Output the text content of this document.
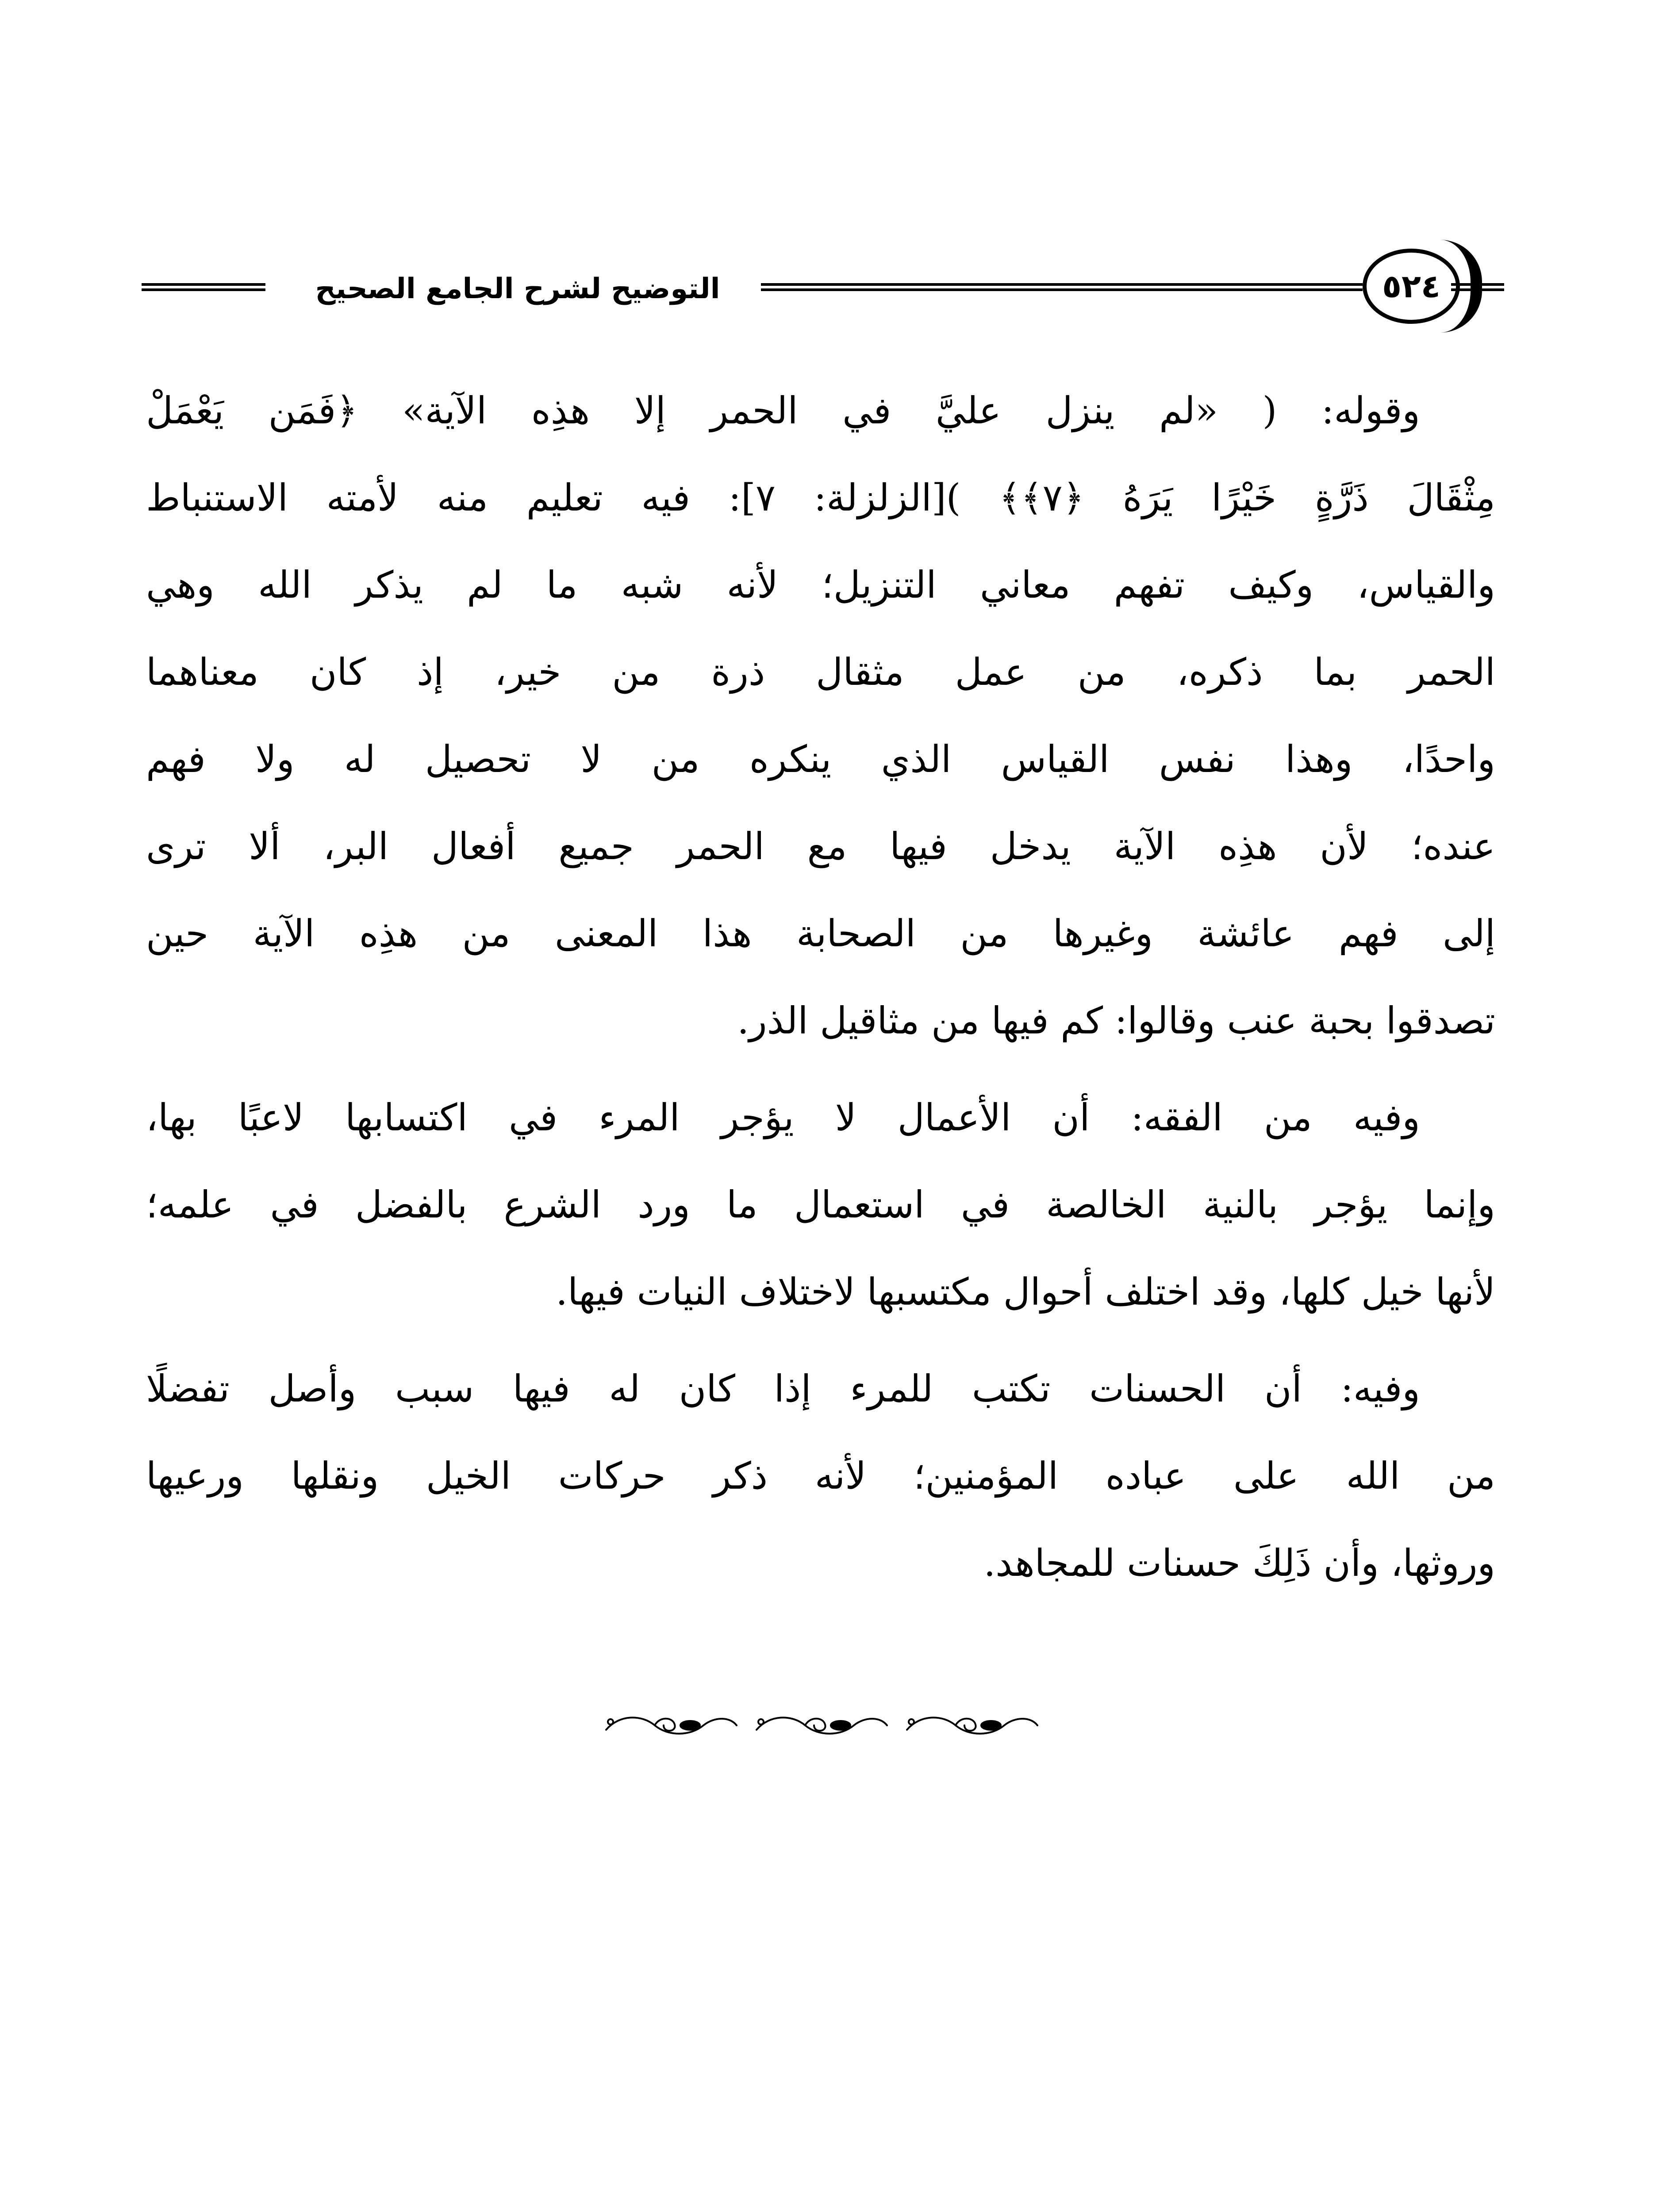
التوضيح لشرح الجامع الصحيح	٥٢٤
وقوله: ( «لم ينزل عليَّ في الحمر إلا هذِه الآية» ﴿فَمَن يَعْمَلْ
مِثْقَالَ ذَرَّةٍ خَيْرًا يَرَهُ ﴿٧﴾﴾ )[الزلزلة: ٧]: فيه تعليم منه لأمته الاستنباط
والقياس، وكيف تفهم معاني التنزيل؛ لأنه شبه ما لم يذكر الله وهي
الحمر بما ذكره، من عمل مثقال ذرة من خير، إذ كان معناهما
واحدًا، وهذا نفس القياس الذي ينكره من لا تحصيل له ولا فهم
عنده؛ لأن هذِه الآية يدخل فيها مع الحمر جميع أفعال البر، ألا ترى
إلى فهم عائشة وغيرها من الصحابة هذا المعنى من هذِه الآية حين
تصدقوا بحبة عنب وقالوا: كم فيها من مثاقيل الذر.
وفيه من الفقه: أن الأعمال لا يؤجر المرء في اكتسابها لاعبًا بها،
وإنما يؤجر بالنية الخالصة في استعمال ما ورد الشرع بالفضل في علمه؛
لأنها خيل كلها، وقد اختلف أحوال مكتسبها لاختلاف النيات فيها.
وفيه: أن الحسنات تكتب للمرء إذا كان له فيها سبب وأصل تفضلًا
من الله على عباده المؤمنين؛ لأنه ذكر حركات الخيل ونقلها ورعيها
وروثها، وأن ذَلِكَ حسنات للمجاهد.
